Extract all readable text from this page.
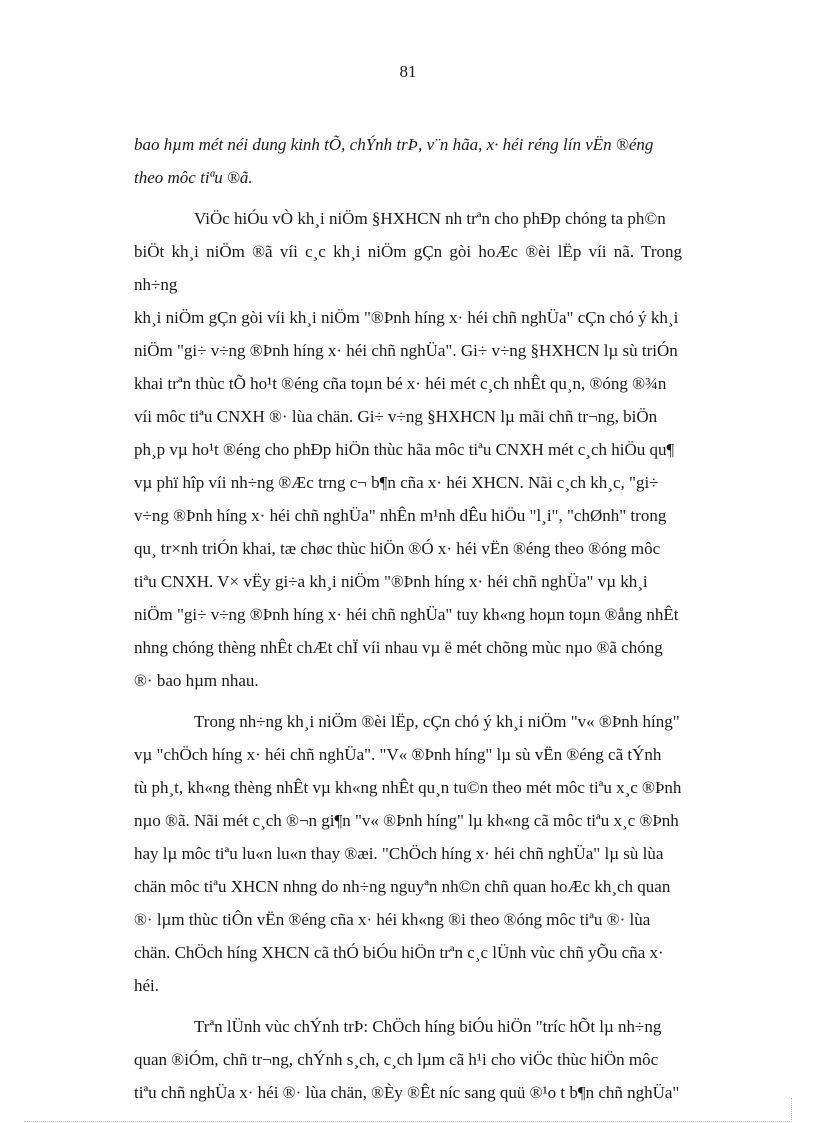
81

bao hµm mét néi dung kinh tÕ, chÝnh trÞ, v¨n hãa, x· héi réng lín vËn ®éng
theo môc tiªu ®ã.

ViÖc hiÓu vÒ kh¸i niÖm §HXHCN nh trªn cho phÐp chóng ta ph©n
biÖt kh¸i niÖm ®ã víi c¸c kh¸i niÖm gÇn gòi hoÆc ®èi lËp víi nã. Trong nh÷ng
kh¸i niÖm gÇn gòi víi kh¸i niÖm "®Þnh híng x· héi chñ nghÜa" cÇn chó ý kh¸i
niÖm "gi÷ v÷ng ®Þnh híng x· héi chñ nghÜa". Gi÷ v÷ng §HXHCN lµ sù triÓn
khai trªn thùc tÕ ho¹t ®éng cña toµn bé x· héi mét c¸ch nhÊt qu¸n, ®óng ®¾n
víi môc tiªu CNXH ®· lùa chän. Gi÷ v÷ng §HXHCN lµ mãi chñ tr¬ng, biÖn
ph¸p vµ ho¹t ®éng cho phÐp hiÖn thùc hãa môc tiªu CNXH mét c¸ch hiÖu qu¶
vµ phï hîp víi nh÷ng ®Æc trng c¬ b¶n cña x· héi XHCN. Nãi c¸ch kh¸c, "gi÷
v÷ng ®Þnh híng x· héi chñ nghÜa" nhÊn m¹nh dÊu hiÖu "l¸i", "chØnh" trong
qu¸ tr×nh triÓn khai, tæ chøc thùc hiÖn ®Ó x· héi vËn ®éng theo ®óng môc
tiªu CNXH. V× vËy gi÷a kh¸i niÖm "®Þnh híng x· héi chñ nghÜa" vµ kh¸i
niÖm "gi÷ v÷ng ®Þnh híng x· héi chñ nghÜa" tuy kh«ng hoµn toµn ®ång nhÊt
nhng chóng thèng nhÊt chÆt chÏ víi nhau vµ ë mét chõng mùc nµo ®ã chóng
®· bao hµm nhau.

Trong nh÷ng kh¸i niÖm ®èi lËp, cÇn chó ý kh¸i niÖm "v« ®Þnh híng"
vµ "chÖch híng x· héi chñ nghÜa". "V« ®Þnh híng" lµ sù vËn ®éng cã tÝnh
tù ph¸t, kh«ng thèng nhÊt vµ kh«ng nhÊt qu¸n tu©n theo mét môc tiªu x¸c ®Þnh
nµo ®ã. Nãi mét c¸ch ®¬n gi¶n "v« ®Þnh híng" lµ kh«ng cã môc tiªu x¸c ®Þnh
hay lµ môc tiªu lu«n lu«n thay ®æi. "ChÖch híng x· héi chñ nghÜa" lµ sù lùa
chän môc tiªu XHCN nhng do nh÷ng nguyªn nh©n chñ quan hoÆc kh¸ch quan
®· lµm thùc tiÔn vËn ®éng cña x· héi kh«ng ®i theo ®óng môc tiªu ®· lùa
chän. ChÖch híng XHCN cã thÓ biÓu hiÖn trªn c¸c lÜnh vùc chñ yÕu cña x·
héi.

Trªn lÜnh vùc chÝnh trÞ: ChÖch híng biÓu hiÖn "tríc hÕt lµ nh÷ng
quan ®iÓm, chñ tr¬ng, chÝnh s¸ch, c¸ch lµm cã h¹i cho viÖc thùc hiÖn môc
tiªu chñ nghÜa x· héi ®· lùa chän, ®Èy ®Êt níc sang quü ®¹o t b¶n chñ nghÜa"
